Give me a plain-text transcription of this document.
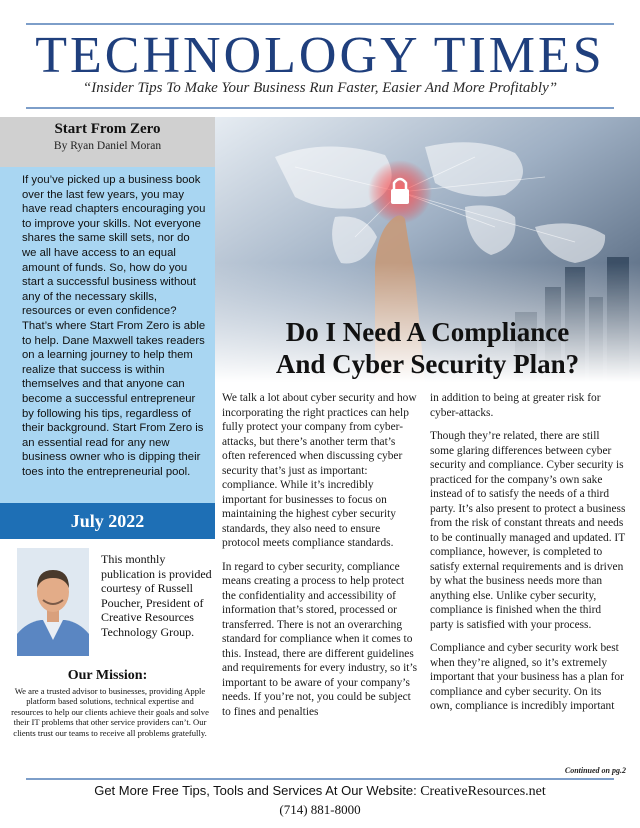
TECHNOLOGY TIMES
“Insider Tips To Make Your Business Run Faster, Easier And More Profitably”
Start From Zero
By Ryan Daniel Moran
If you’ve picked up a business book over the last few years, you may have read chapters encouraging you to improve your skills. Not everyone shares the same skill sets, nor do we all have access to an equal amount of funds. So, how do you start a successful business without any of the necessary skills, resources or even confidence? That’s where Start From Zero is able to help. Dane Maxwell takes readers on a learning journey to help them realize that success is within themselves and that anyone can become a successful entrepreneur by following his tips, regardless of their background. Start From Zero is an essential read for any new business owner who is dipping their toes into the entrepreneurial pool.
July 2022
This monthly publication is provided courtesy of Russell Poucher, President of Creative Resources Technology Group.
Our Mission:
We are a trusted advisor to businesses, providing Apple platform based solutions, technical expertise and resources to help our clients achieve their goals and solve their IT problems that other service providers can’t. Our clients trust our teams to receive all problems gratefully.
Do I Need A Compliance
And Cyber Security Plan?

We talk a lot about cyber security and how incorporating the right practices can help fully protect your company from cyber-attacks, but there’s another term that’s often referenced when discussing cyber security that’s just as important: compliance. While it’s incredibly important for businesses to focus on maintaining the highest cyber security standards, they also need to ensure protocol meets compliance standards.

In regard to cyber security, compliance means creating a process to help protect the confidentiality and accessibility of information that’s stored, processed or transferred. There is not an overarching standard for compliance when it comes to this. Instead, there are different guidelines and requirements for every industry, so it’s important to be aware of your company’s needs. If you’re not, you could be subject to fines and penalties

in addition to being at greater risk for cyber-attacks.

Though they’re related, there are still some glaring differences between cyber security and compliance. Cyber security is practiced for the company’s own sake instead of to satisfy the needs of a third party. It’s also present to protect a business from the risk of constant threats and needs to be continually managed and updated. IT compliance, however, is completed to satisfy external requirements and is driven by what the business needs more than anything else. Unlike cyber security, compliance is finished when the third party is satisfied with your process.

Compliance and cyber security work best when they’re aligned, so it’s extremely important that your business has a plan for compliance and cyber security. On its own, compliance is incredibly important

Continued on pg.2
Get More Free Tips, Tools and Services At Our Website: CreativeResources.net
(714) 881-8000
